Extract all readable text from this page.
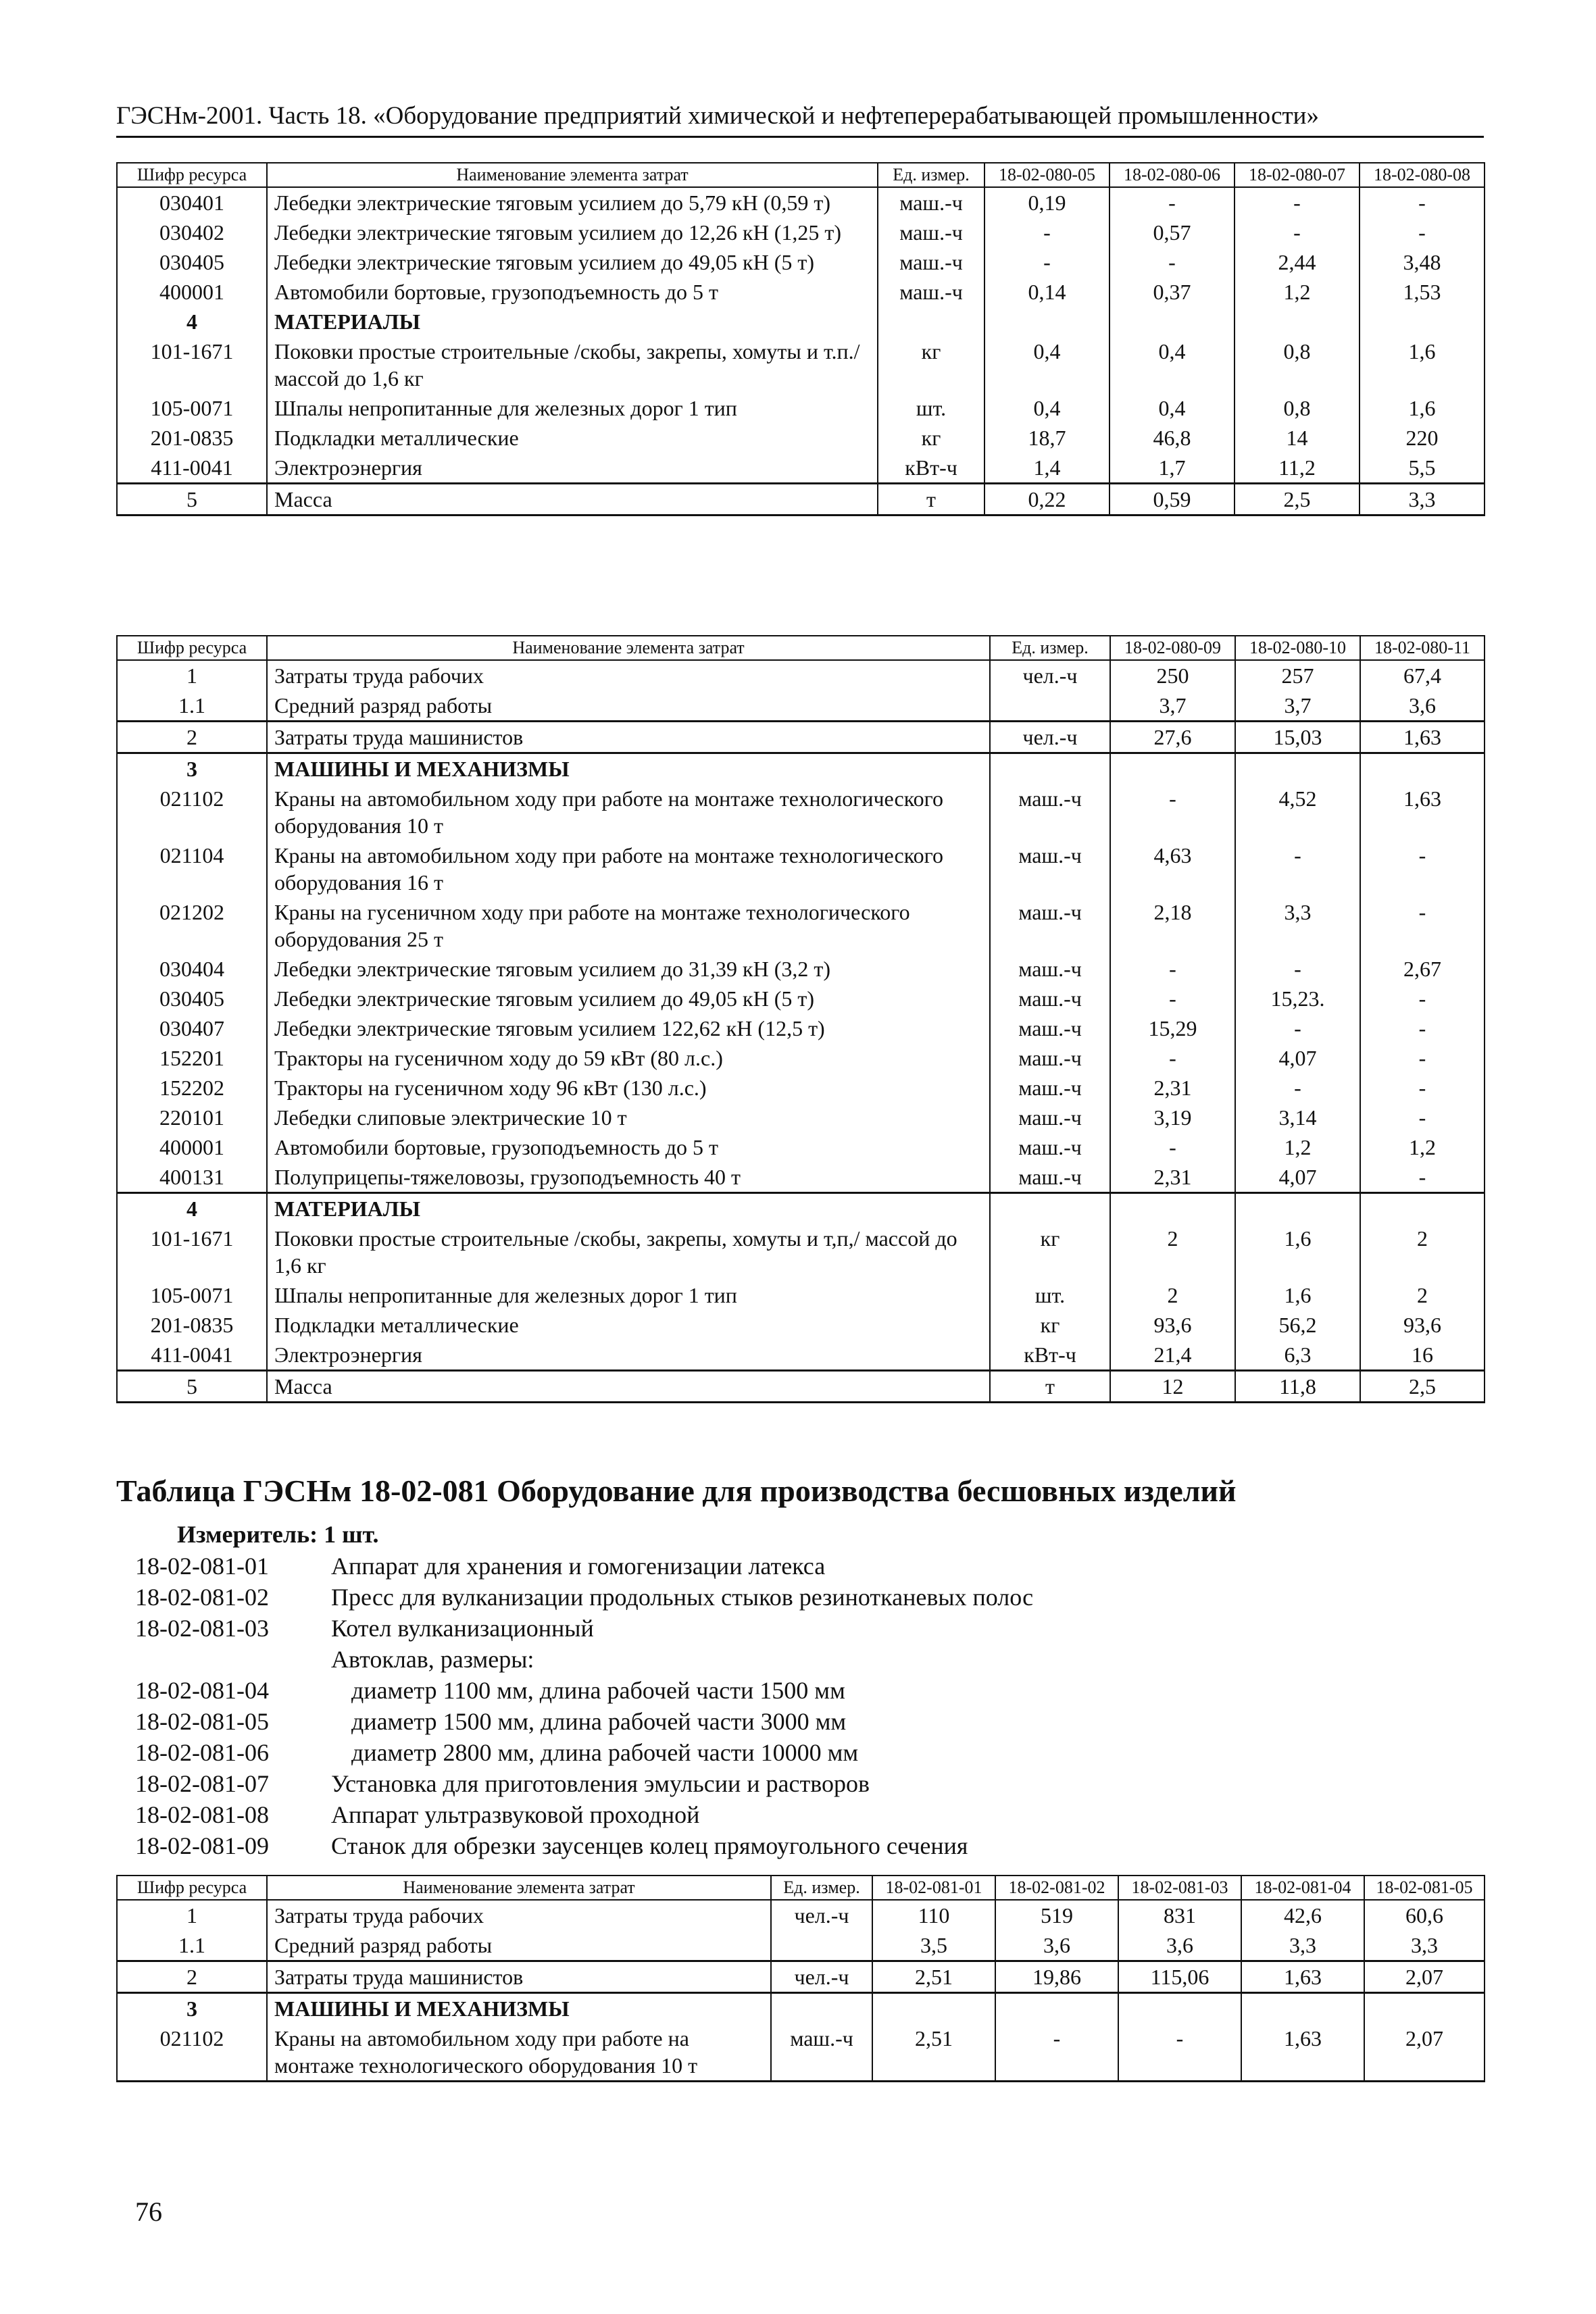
ГЭСНм-2001. Часть 18. «Оборудование предприятий химической и нефтеперерабатывающей промышленности»
Шифр ресурса	Наименование элемента затрат	Ед. измер.	18-02-080-05	18-02-080-06	18-02-080-07	18-02-080-08
030401	Лебедки электрические тяговым усилием до 5,79 кН (0,59 т)	маш.-ч	0,19	-	-	-
030402	Лебедки электрические тяговым усилием до 12,26 кН (1,25 т)	маш.-ч	-	0,57	-	-
030405	Лебедки электрические тяговым усилием до 49,05 кН (5 т)	маш.-ч	-	-	2,44	3,48
400001	Автомобили бортовые, грузоподъемность до 5 т	маш.-ч	0,14	0,37	1,2	1,53
4	МАТЕРИАЛЫ					
101-1671	Поковки простые строительные /скобы, закрепы, хомуты и т.п./ массой до 1,6 кг	кг	0,4	0,4	0,8	1,6
105-0071	Шпалы непропитанные для железных дорог 1 тип	шт.	0,4	0,4	0,8	1,6
201-0835	Подкладки металлические	кг	18,7	46,8	14	220
411-0041	Электроэнергия	кВт-ч	1,4	1,7	11,2	5,5
5	Масса	т	0,22	0,59	2,5	3,3
Шифр ресурса	Наименование элемента затрат	Ед. измер.	18-02-080-09	18-02-080-10	18-02-080-11
1	Затраты труда рабочих	чел.-ч	250	257	67,4
1.1	Средний разряд работы		3,7	3,7	3,6
2	Затраты труда машинистов	чел.-ч	27,6	15,03	1,63
3	МАШИНЫ И МЕХАНИЗМЫ				
021102	Краны на автомобильном ходу при работе на монтаже технологического оборудования 10 т	маш.-ч	-	4,52	1,63
021104	Краны на автомобильном ходу при работе на монтаже технологического оборудования 16 т	маш.-ч	4,63	-	-
021202	Краны на гусеничном ходу при работе на монтаже технологического оборудования 25 т	маш.-ч	2,18	3,3	-
030404	Лебедки электрические тяговым усилием до 31,39 кН (3,2 т)	маш.-ч	-	-	2,67
030405	Лебедки электрические тяговым усилием до 49,05 кН (5 т)	маш.-ч	-	15,23.	-
030407	Лебедки электрические тяговым усилием 122,62 кН (12,5 т)	маш.-ч	15,29	-	-
152201	Тракторы на гусеничном ходу до 59 кВт (80 л.с.)	маш.-ч	-	4,07	-
152202	Тракторы на гусеничном ходу 96 кВт (130 л.с.)	маш.-ч	2,31	-	-
220101	Лебедки слиповые электрические 10 т	маш.-ч	3,19	3,14	-
400001	Автомобили бортовые, грузоподъемность до 5 т	маш.-ч	-	1,2	1,2
400131	Полуприцепы-тяжеловозы, грузоподъемность 40 т	маш.-ч	2,31	4,07	-
4	МАТЕРИАЛЫ				
101-1671	Поковки простые строительные /скобы, закрепы, хомуты и т,п,/ массой до 1,6 кг	кг	2	1,6	2
105-0071	Шпалы непропитанные для железных дорог 1 тип	шт.	2	1,6	2
201-0835	Подкладки металлические	кг	93,6	56,2	93,6
411-0041	Электроэнергия	кВт-ч	21,4	6,3	16
5	Масса	т	12	11,8	2,5
Таблица ГЭСНм 18-02-081 Оборудование для производства бесшовных изделий
Измеритель: 1 шт.
18-02-081-01	Аппарат для хранения и гомогенизации латекса
18-02-081-02	Пресс для вулканизации продольных стыков резинотканевых полос
18-02-081-03	Котел вулканизационный
Автоклав, размеры:
18-02-081-04	диаметр 1100 мм, длина рабочей части 1500 мм
18-02-081-05	диаметр 1500 мм, длина рабочей части 3000 мм
18-02-081-06	диаметр 2800 мм, длина рабочей части 10000 мм
18-02-081-07	Установка для приготовления эмульсии и растворов
18-02-081-08	Аппарат ультразвуковой проходной
18-02-081-09	Станок для обрезки заусенцев колец прямоугольного сечения
Шифр ресурса	Наименование элемента затрат	Ед. измер.	18-02-081-01	18-02-081-02	18-02-081-03	18-02-081-04	18-02-081-05
1	Затраты труда рабочих	чел.-ч	110	519	831	42,6	60,6
1.1	Средний разряд работы		3,5	3,6	3,6	3,3	3,3
2	Затраты труда машинистов	чел.-ч	2,51	19,86	115,06	1,63	2,07
3	МАШИНЫ И МЕХАНИЗМЫ						
021102	Краны на автомобильном ходу при работе на монтаже технологического оборудования 10 т	маш.-ч	2,51	-	-	1,63	2,07
76
